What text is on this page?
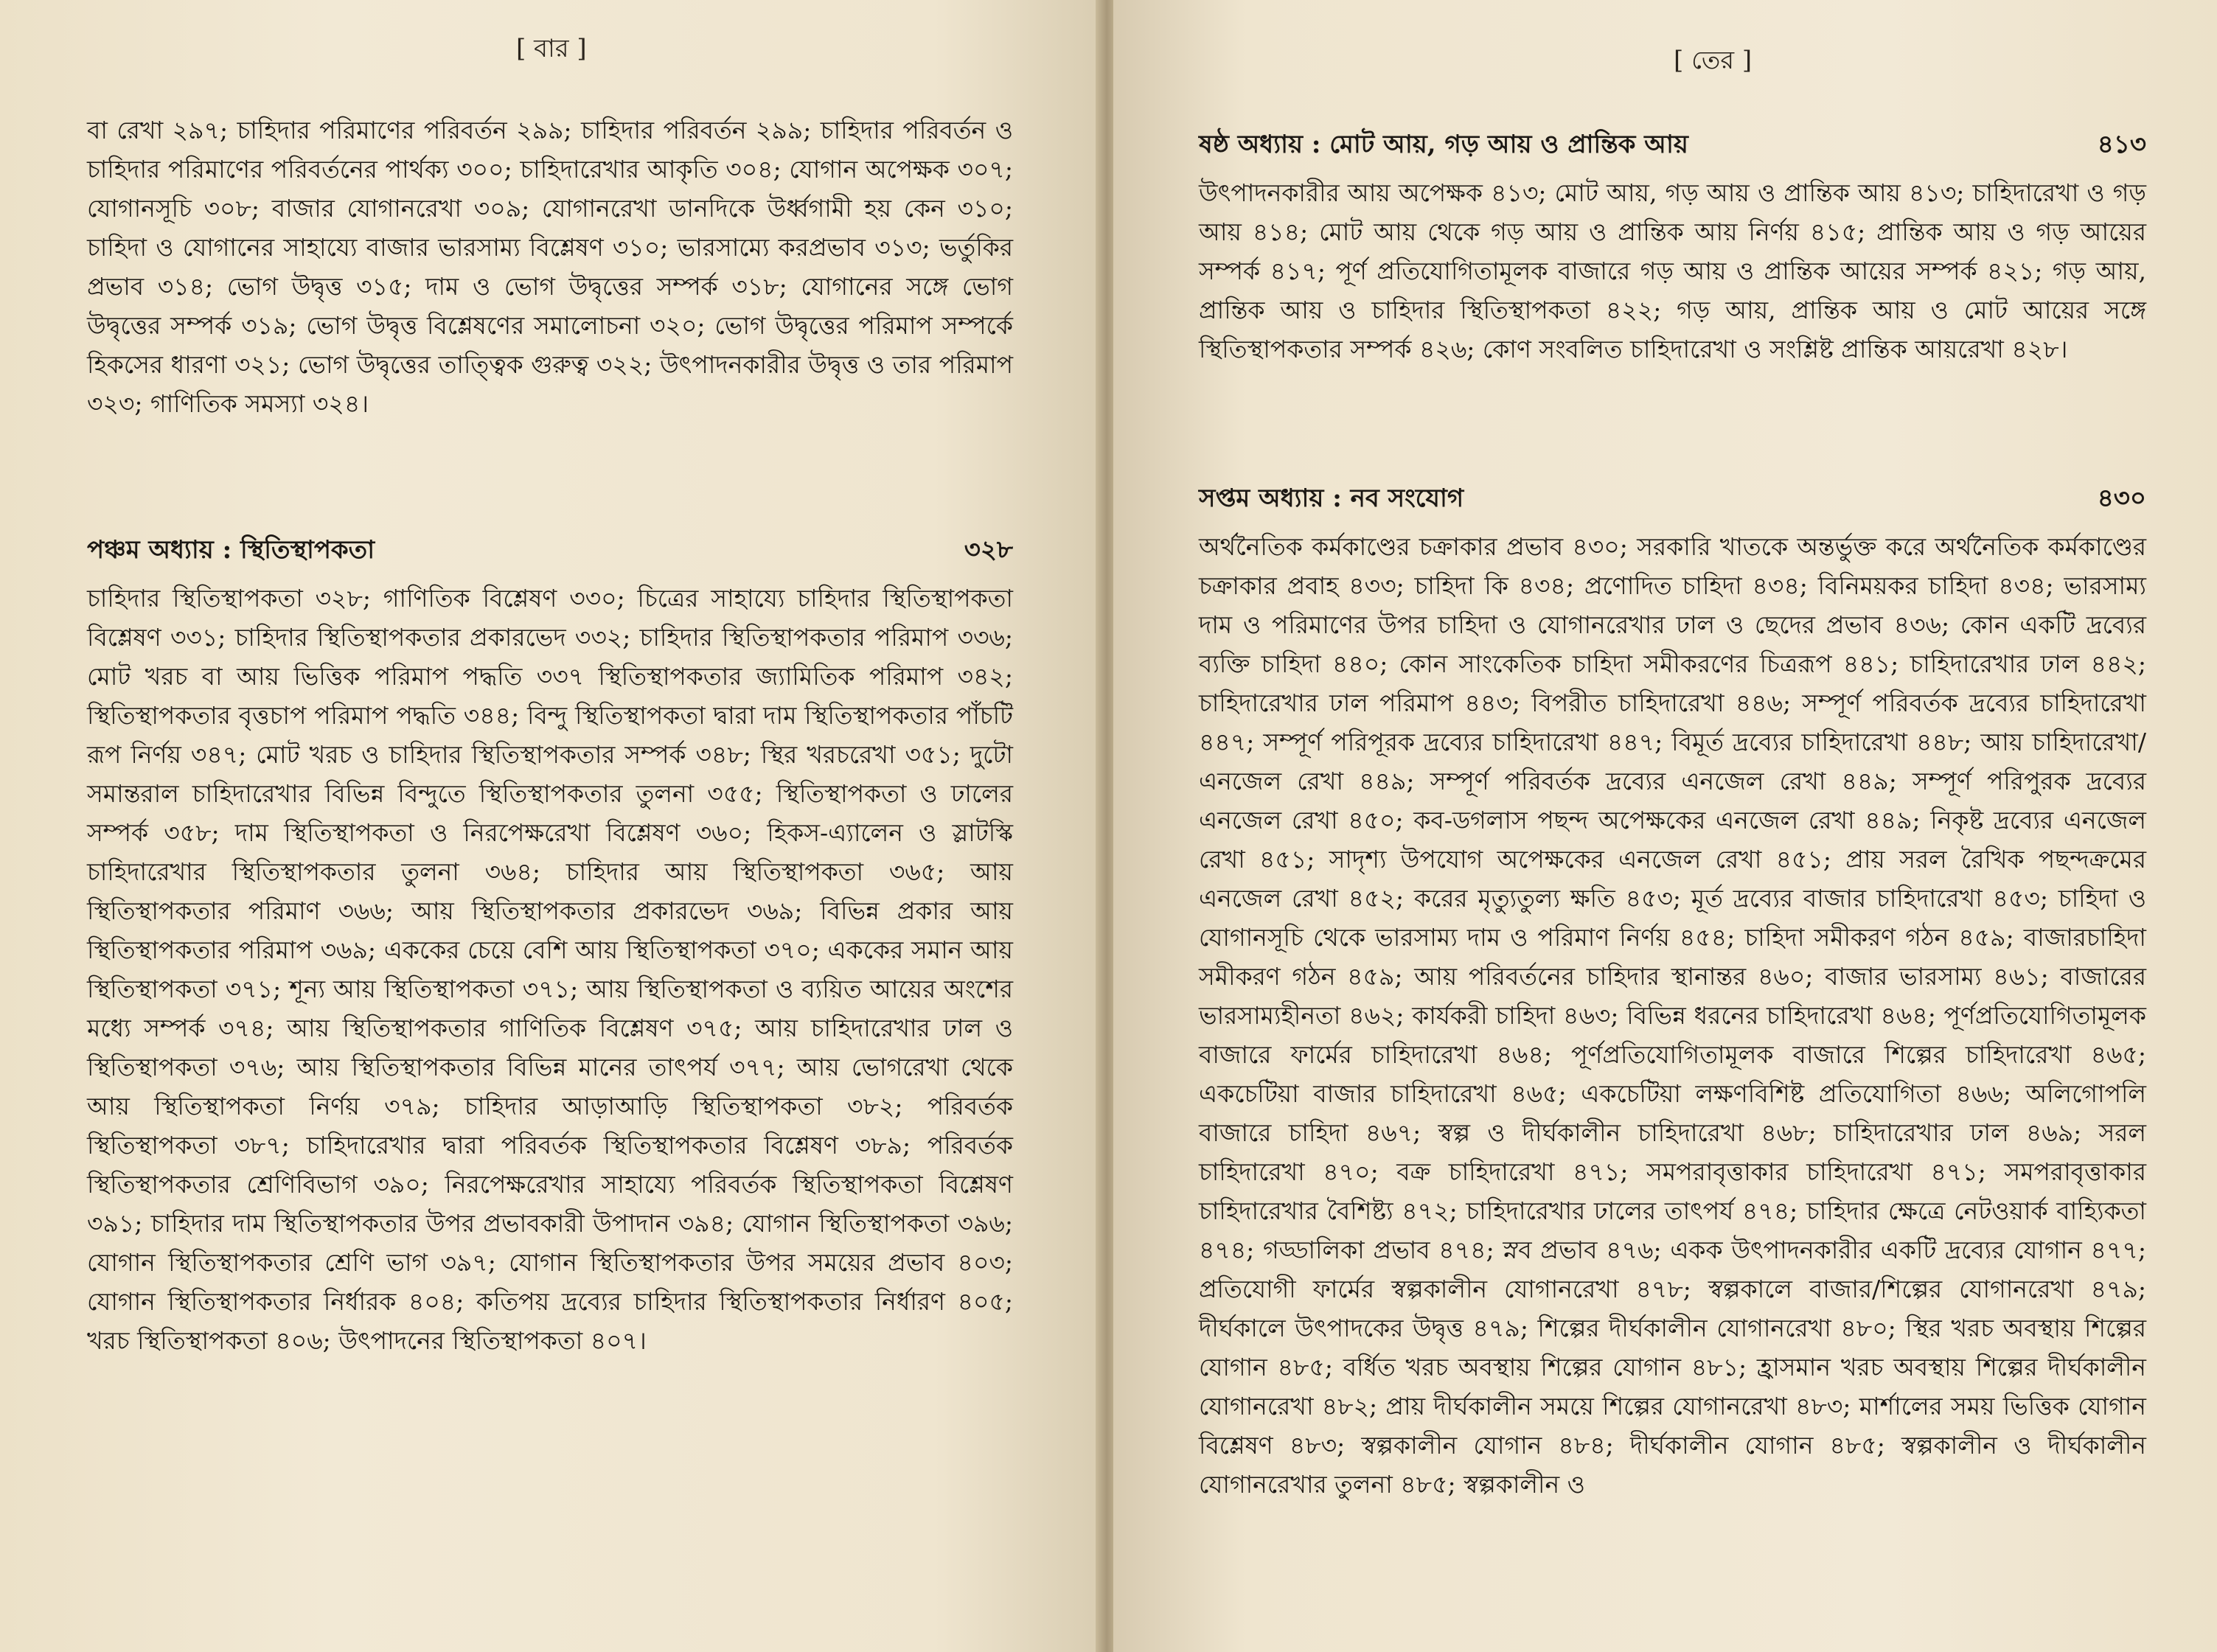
[ বার ]
বা রেখা ২৯৭; চাহিদার পরিমাণের পরিবর্তন ২৯৯; চাহিদার পরিবর্তন ২৯৯; চাহিদার পরিবর্তন ও চাহিদার পরিমাণের পরিবর্তনের পার্থক্য ৩০০; চাহিদারেখার আকৃতি ৩০৪; যোগান অপেক্ষক ৩০৭; যোগানসূচি ৩০৮; বাজার যোগানরেখা ৩০৯; যোগানরেখা ডানদিকে উর্ধ্বগামী হয় কেন ৩১০; চাহিদা ও যোগানের সাহায্যে বাজার ভারসাম্য বিশ্লেষণ ৩১০; ভারসাম্যে করপ্রভাব ৩১৩; ভর্তুকির প্রভাব ৩১৪; ভোগ উদ্বৃত্ত ৩১৫; দাম ও ভোগ উদ্বৃত্তের সম্পর্ক ৩১৮; যোগানের সঙ্গে ভোগ উদ্বৃত্তের সম্পর্ক ৩১৯; ভোগ উদ্বৃত্ত বিশ্লেষণের সমালোচনা ৩২০; ভোগ উদ্বৃত্তের পরিমাপ সম্পর্কে হিকসের ধারণা ৩২১; ভোগ উদ্বৃত্তের তাত্ত্বিক গুরুত্ব ৩২২; উৎপাদনকারীর উদ্বৃত্ত ও তার পরিমাপ ৩২৩; গাণিতিক সমস্যা ৩২৪।
পঞ্চম অধ্যায় : স্থিতিস্থাপকতা	৩২৮
চাহিদার স্থিতিস্থাপকতা ৩২৮; গাণিতিক বিশ্লেষণ ৩৩০; চিত্রের সাহায্যে চাহিদার স্থিতিস্থাপকতা বিশ্লেষণ ৩৩১; চাহিদার স্থিতিস্থাপকতার প্রকারভেদ ৩৩২; চাহিদার স্থিতিস্থাপকতার পরিমাপ ৩৩৬; মোট খরচ বা আয় ভিত্তিক পরিমাপ পদ্ধতি ৩৩৭ স্থিতিস্থাপকতার জ্যামিতিক পরিমাপ ৩৪২; স্থিতিস্থাপকতার বৃত্তচাপ পরিমাপ পদ্ধতি ৩৪৪; বিন্দু স্থিতিস্থাপকতা দ্বারা দাম স্থিতিস্থাপকতার পাঁচটি রূপ নির্ণয় ৩৪৭; মোট খরচ ও চাহিদার স্থিতিস্থাপকতার সম্পর্ক ৩৪৮; স্থির খরচরেখা ৩৫১; দুটো সমান্তরাল চাহিদারেখার বিভিন্ন বিন্দুতে স্থিতিস্থাপকতার তুলনা ৩৫৫; স্থিতিস্থাপকতা ও ঢালের সম্পর্ক ৩৫৮; দাম স্থিতিস্থাপকতা ও নিরপেক্ষরেখা বিশ্লেষণ ৩৬০; হিকস-এ্যালেন ও স্লাটস্কি চাহিদারেখার স্থিতিস্থাপকতার তুলনা ৩৬৪; চাহিদার আয় স্থিতিস্থাপকতা ৩৬৫; আয় স্থিতিস্থাপকতার পরিমাণ ৩৬৬; আয় স্থিতিস্থাপকতার প্রকারভেদ ৩৬৯; বিভিন্ন প্রকার আয় স্থিতিস্থাপকতার পরিমাপ ৩৬৯; এককের চেয়ে বেশি আয় স্থিতিস্থাপকতা ৩৭০; এককের সমান আয় স্থিতিস্থাপকতা ৩৭১; শূন্য আয় স্থিতিস্থাপকতা ৩৭১; আয় স্থিতিস্থাপকতা ও ব্যয়িত আয়ের অংশের মধ্যে সম্পর্ক ৩৭৪; আয় স্থিতিস্থাপকতার গাণিতিক বিশ্লেষণ ৩৭৫; আয় চাহিদারেখার ঢাল ও স্থিতিস্থাপকতা ৩৭৬; আয় স্থিতিস্থাপকতার বিভিন্ন মানের তাৎপর্য ৩৭৭; আয় ভোগরেখা থেকে আয় স্থিতিস্থাপকতা নির্ণয় ৩৭৯; চাহিদার আড়াআড়ি স্থিতিস্থাপকতা ৩৮২; পরিবর্তক স্থিতিস্থাপকতা ৩৮৭; চাহিদারেখার দ্বারা পরিবর্তক স্থিতিস্থাপকতার বিশ্লেষণ ৩৮৯; পরিবর্তক স্থিতিস্থাপকতার শ্রেণিবিভাগ ৩৯০; নিরপেক্ষরেখার সাহায্যে পরিবর্তক স্থিতিস্থাপকতা বিশ্লেষণ ৩৯১; চাহিদার দাম স্থিতিস্থাপকতার উপর প্রভাবকারী উপাদান ৩৯৪; যোগান স্থিতিস্থাপকতা ৩৯৬; যোগান স্থিতিস্থাপকতার শ্রেণি ভাগ ৩৯৭; যোগান স্থিতিস্থাপকতার উপর সময়ের প্রভাব ৪০৩; যোগান স্থিতিস্থাপকতার নির্ধারক ৪০৪; কতিপয় দ্রব্যের চাহিদার স্থিতিস্থাপকতার নির্ধারণ ৪০৫; খরচ স্থিতিস্থাপকতা ৪০৬; উৎপাদনের স্থিতিস্থাপকতা ৪০৭।
[ তের ]
ষষ্ঠ অধ্যায় : মোট আয়, গড় আয় ও প্রান্তিক আয়	৪১৩
উৎপাদনকারীর আয় অপেক্ষক ৪১৩; মোট আয়, গড় আয় ও প্রান্তিক আয় ৪১৩; চাহিদারেখা ও গড় আয় ৪১৪; মোট আয় থেকে গড় আয় ও প্রান্তিক আয় নির্ণয় ৪১৫; প্রান্তিক আয় ও গড় আয়ের সম্পর্ক ৪১৭; পূর্ণ প্রতিযোগিতামূলক বাজারে গড় আয় ও প্রান্তিক আয়ের সম্পর্ক ৪২১; গড় আয়, প্রান্তিক আয় ও চাহিদার স্থিতিস্থাপকতা ৪২২; গড় আয়, প্রান্তিক আয় ও মোট আয়ের সঙ্গে স্থিতিস্থাপকতার সম্পর্ক ৪২৬; কোণ সংবলিত চাহিদারেখা ও সংশ্লিষ্ট প্রান্তিক আয়রেখা ৪২৮।
সপ্তম অধ্যায় : নব সংযোগ	৪৩০
অর্থনৈতিক কর্মকাণ্ডের চক্রাকার প্রভাব ৪৩০; সরকারি খাতকে অন্তর্ভুক্ত করে অর্থনৈতিক কর্মকাণ্ডের চক্রাকার প্রবাহ ৪৩৩; চাহিদা কি ৪৩৪; প্রণোদিত চাহিদা ৪৩৪; বিনিময়কর চাহিদা ৪৩৪; ভারসাম্য দাম ও পরিমাণের উপর চাহিদা ও যোগানরেখার ঢাল ও ছেদের প্রভাব ৪৩৬; কোন একটি দ্রব্যের ব্যক্তি চাহিদা ৪৪০; কোন সাংকেতিক চাহিদা সমীকরণের চিত্ররূপ ৪৪১; চাহিদারেখার ঢাল ৪৪২; চাহিদারেখার ঢাল পরিমাপ ৪৪৩; বিপরীত চাহিদারেখা ৪৪৬; সম্পূর্ণ পরিবর্তক দ্রব্যের চাহিদারেখা ৪৪৭; সম্পূর্ণ পরিপূরক দ্রব্যের চাহিদারেখা ৪৪৭; বিমূর্ত দ্রব্যের চাহিদারেখা ৪৪৮; আয় চাহিদারেখা/এনজেল রেখা ৪৪৯; সম্পূর্ণ পরিবর্তক দ্রব্যের এনজেল রেখা ৪৪৯; সম্পূর্ণ পরিপুরক দ্রব্যের এনজেল রেখা ৪৫০; কব-ডগলাস পছন্দ অপেক্ষকের এনজেল রেখা ৪৪৯; নিকৃষ্ট দ্রব্যের এনজেল রেখা ৪৫১; সাদৃশ্য উপযোগ অপেক্ষকের এনজেল রেখা ৪৫১; প্রায় সরল রৈখিক পছন্দক্রমের এনজেল রেখা ৪৫২; করের মৃত্যুতুল্য ক্ষতি ৪৫৩; মূর্ত দ্রব্যের বাজার চাহিদারেখা ৪৫৩; চাহিদা ও যোগানসূচি থেকে ভারসাম্য দাম ও পরিমাণ নির্ণয় ৪৫৪; চাহিদা সমীকরণ গঠন ৪৫৯; বাজারচাহিদা সমীকরণ গঠন ৪৫৯; আয় পরিবর্তনের চাহিদার স্থানান্তর ৪৬০; বাজার ভারসাম্য ৪৬১; বাজারের ভারসাম্যহীনতা ৪৬২; কার্যকরী চাহিদা ৪৬৩; বিভিন্ন ধরনের চাহিদারেখা ৪৬৪; পূর্ণপ্রতিযোগিতামূলক বাজারে ফার্মের চাহিদারেখা ৪৬৪; পূর্ণপ্রতিযোগিতামূলক বাজারে শিল্পের চাহিদারেখা ৪৬৫; একচেটিয়া বাজার চাহিদারেখা ৪৬৫; একচেটিয়া লক্ষণবিশিষ্ট প্রতিযোগিতা ৪৬৬; অলিগোপলি বাজারে চাহিদা ৪৬৭; স্বল্প ও দীর্ঘকালীন চাহিদারেখা ৪৬৮; চাহিদারেখার ঢাল ৪৬৯; সরল চাহিদারেখা ৪৭০; বক্র চাহিদারেখা ৪৭১; সমপরাবৃত্তাকার চাহিদারেখা ৪৭১; সমপরাবৃত্তাকার চাহিদারেখার বৈশিষ্ট্য ৪৭২; চাহিদারেখার ঢালের তাৎপর্য ৪৭৪; চাহিদার ক্ষেত্রে নেটওয়ার্ক বাহ্যিকতা ৪৭৪; গড্ডালিকা প্রভাব ৪৭৪; স্নব প্রভাব ৪৭৬; একক উৎপাদনকারীর একটি দ্রব্যের যোগান ৪৭৭; প্রতিযোগী ফার্মের স্বল্পকালীন যোগানরেখা ৪৭৮; স্বল্পকালে বাজার/শিল্পের যোগানরেখা ৪৭৯; দীর্ঘকালে উৎপাদকের উদ্বৃত্ত ৪৭৯; শিল্পের দীর্ঘকালীন যোগানরেখা ৪৮০; স্থির খরচ অবস্থায় শিল্পের যোগান ৪৮৫; বর্ধিত খরচ অবস্থায় শিল্পের যোগান ৪৮১; হ্রাসমান খরচ অবস্থায় শিল্পের দীর্ঘকালীন যোগানরেখা ৪৮২; প্রায় দীর্ঘকালীন সময়ে শিল্পের যোগানরেখা ৪৮৩; মার্শালের সময় ভিত্তিক যোগান বিশ্লেষণ ৪৮৩; স্বল্পকালীন যোগান ৪৮৪; দীর্ঘকালীন যোগান ৪৮৫; স্বল্পকালীন ও দীর্ঘকালীন যোগানরেখার তুলনা ৪৮৫; স্বল্পকালীন ও
